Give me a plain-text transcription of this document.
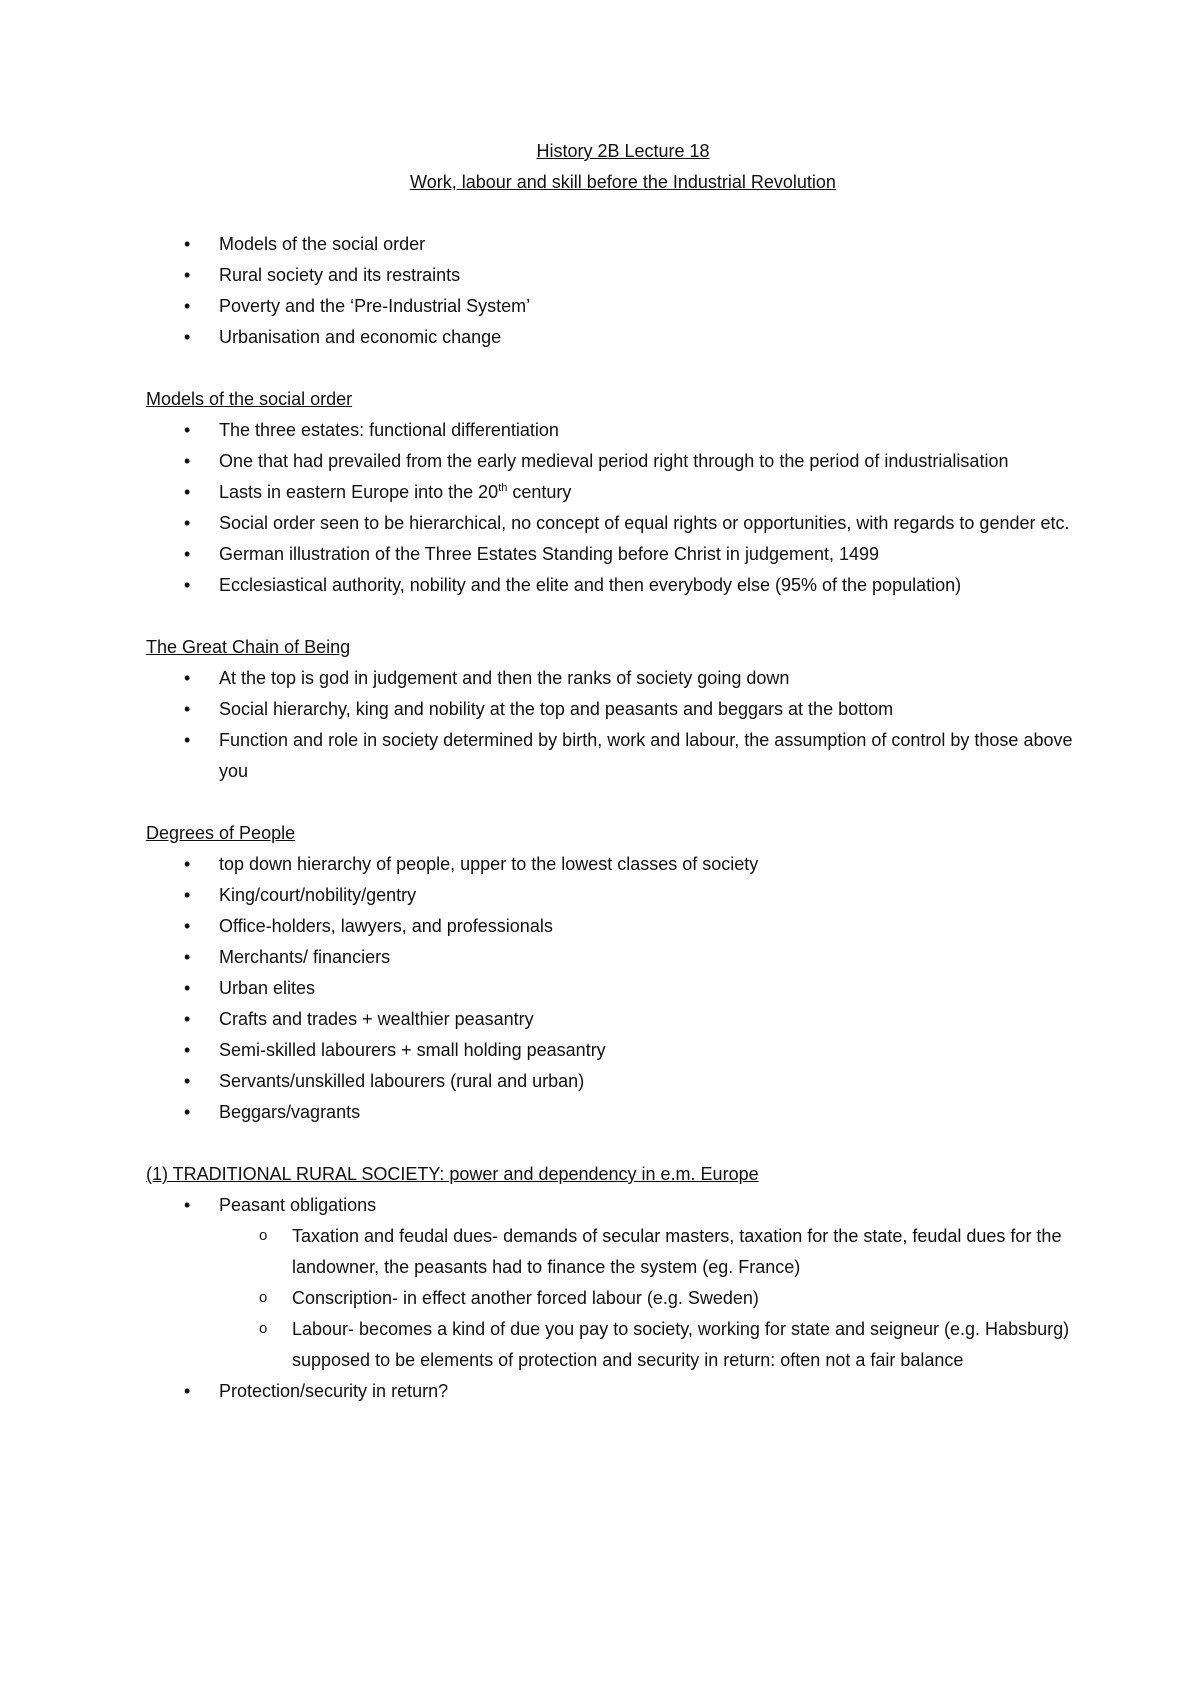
History 2B Lecture 18

Work, labour and skill before the Industrial Revolution

• Models of the social order
• Rural society and its restraints
• Poverty and the ‘Pre-Industrial System’
• Urbanisation and economic change

Models of the social order

• The three estates: functional differentiation
• One that had prevailed from the early medieval period right through to the period of industrialisation
• Lasts in eastern Europe into the 20th century
• Social order seen to be hierarchical, no concept of equal rights or opportunities, with regards to gender etc.
• German illustration of the Three Estates Standing before Christ in judgement, 1499
• Ecclesiastical authority, nobility and the elite and then everybody else (95% of the population)

The Great Chain of Being

• At the top is god in judgement and then the ranks of society going down
• Social hierarchy, king and nobility at the top and peasants and beggars at the bottom
• Function and role in society determined by birth, work and labour, the assumption of control by those above you

Degrees of People

• top down hierarchy of people, upper to the lowest classes of society
• King/court/nobility/gentry
• Office-holders, lawyers, and professionals
• Merchants/ financiers
• Urban elites
• Crafts and trades + wealthier peasantry
• Semi-skilled labourers + small holding peasantry
• Servants/unskilled labourers (rural and urban)
• Beggars/vagrants

(1) TRADITIONAL RURAL SOCIETY: power and dependency in e.m. Europe

• Peasant obligations
o Taxation and feudal dues- demands of secular masters, taxation for the state, feudal dues for the landowner, the peasants had to finance the system (eg. France)
o Conscription- in effect another forced labour (e.g. Sweden)
o Labour- becomes a kind of due you pay to society, working for state and seigneur (e.g. Habsburg) supposed to be elements of protection and security in return: often not a fair balance
• Protection/security in return?
